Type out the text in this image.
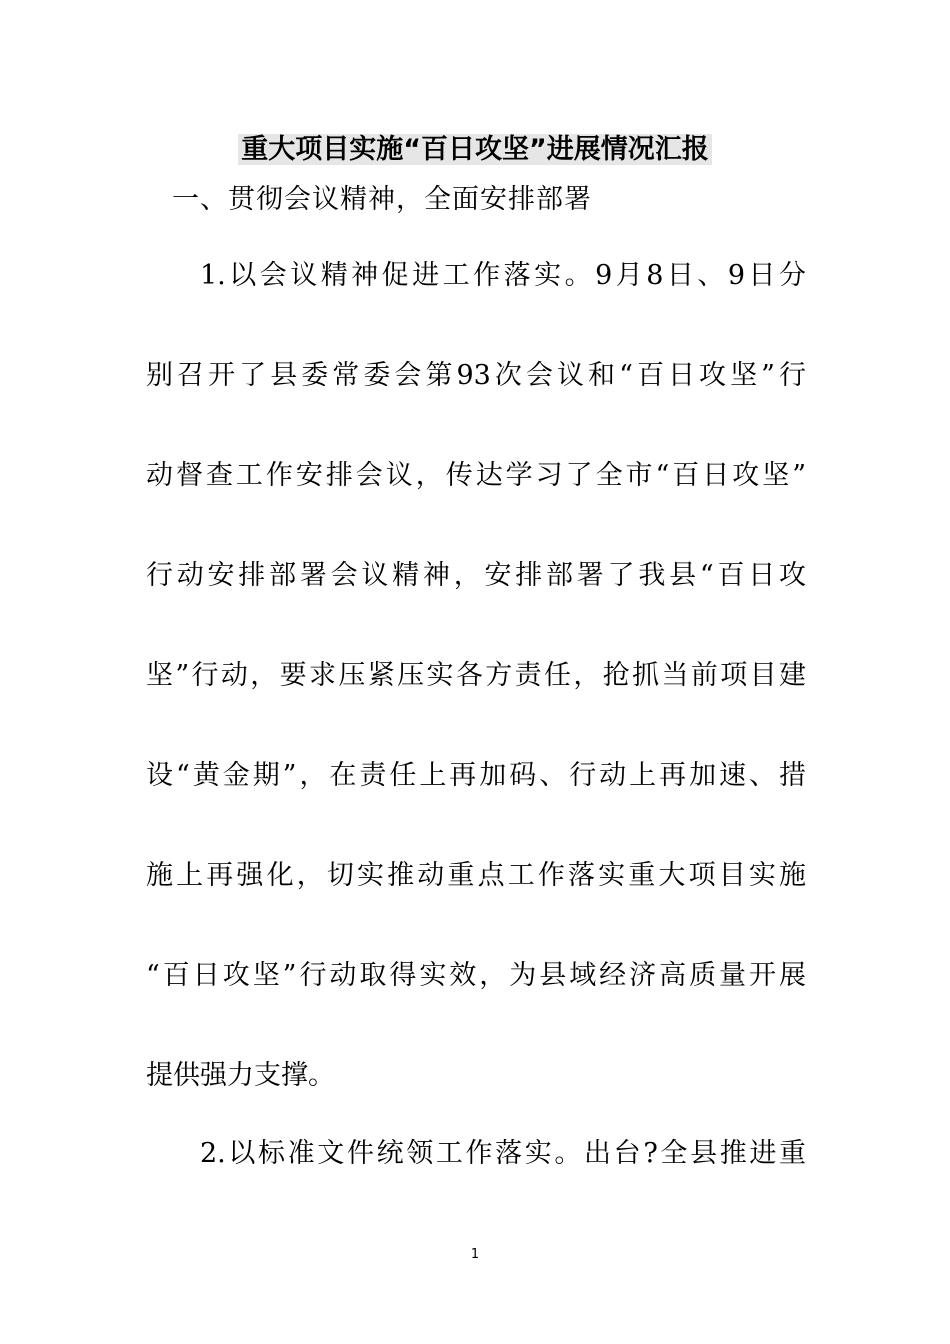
重大项目实施“百日攻坚”进展情况汇报
一、贯彻会议精神，全面安排部署
1.以会议精神促进工作落实。9月8日、9日分
别召开了县委常委会第93次会议和“百日攻坚”行
动督查工作安排会议，传达学习了全市“百日攻坚”
行动安排部署会议精神，安排部署了我县“百日攻
坚”行动，要求压紧压实各方责任，抢抓当前项目建
设“黄金期”，在责任上再加码、行动上再加速、措
施上再强化，切实推动重点工作落实重大项目实施
“百日攻坚”行动取得实效，为县域经济高质量开展
提供强力支撑。
2.以标准文件统领工作落实。出台?全县推进重
1
